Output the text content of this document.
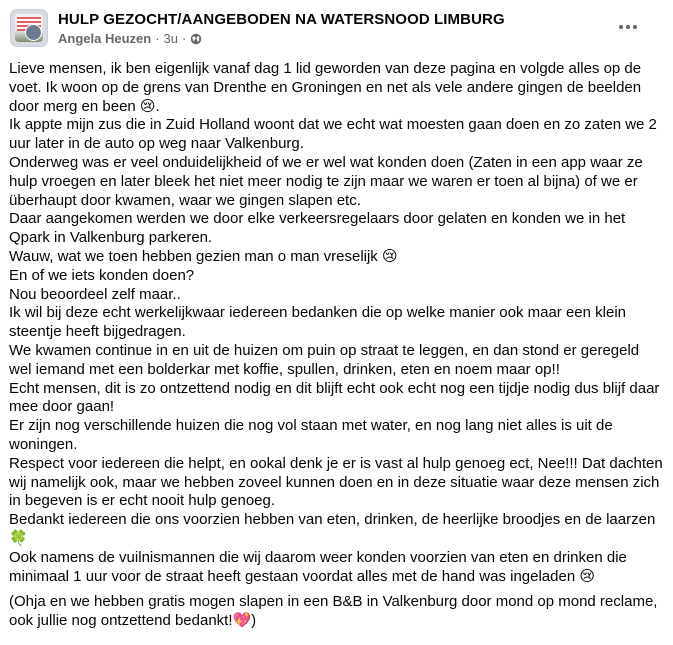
HULP GEZOCHT/AANGEBODEN NA WATERSNOOD LIMBURG
Angela Heuzen · 3u ·

Lieve mensen, ik ben eigenlijk vanaf dag 1 lid geworden van deze pagina en volgde alles op de voet. Ik woon op de grens van Drenthe en Groningen en net als vele andere gingen de beelden door merg en been 😢.
Ik appte mijn zus die in Zuid Holland woont dat we echt wat moesten gaan doen en zo zaten we 2 uur later in de auto op weg naar Valkenburg.
Onderweg was er veel onduidelijkheid of we er wel wat konden doen (Zaten in een app waar ze hulp vroegen en later bleek het niet meer nodig te zijn maar we waren er toen al bijna) of we er überhaupt door kwamen, waar we gingen slapen etc.
Daar aangekomen werden we door elke verkeersregelaars door gelaten en konden we in het Qpark in Valkenburg parkeren.
Wauw, wat we toen hebben gezien man o man vreselijk 😢
En of we iets konden doen?
Nou beoordeel zelf maar..
Ik wil bij deze echt werkelijkwaar iedereen bedanken die op welke manier ook maar een klein steentje heeft bijgedragen.
We kwamen continue in en uit de huizen om puin op straat te leggen, en dan stond er geregeld wel iemand met een bolderkar met koffie, spullen, drinken, eten en noem maar op!!
Echt mensen, dit is zo ontzettend nodig en dit blijft echt ook echt nog een tijdje nodig dus blijf daar mee door gaan!
Er zijn nog verschillende huizen die nog vol staan met water, en nog lang niet alles is uit de woningen.
Respect voor iedereen die helpt, en ookal denk je er is vast al hulp genoeg ect, Nee!!! Dat dachten wij namelijk ook, maar we hebben zoveel kunnen doen en in deze situatie waar deze mensen zich in begeven is er echt nooit hulp genoeg.
Bedankt iedereen die ons voorzien hebben van eten, drinken, de heerlijke broodjes en de laarzen🍀
Ook namens de vuilnismannen die wij daarom weer konden voorzien van eten en drinken die minimaal 1 uur voor de straat heeft gestaan voordat alles met de hand was ingeladen 😢

(Ohja en we hebben gratis mogen slapen in een B&B in Valkenburg door mond op mond reclame, ook jullie nog ontzettend bedankt!💖)
